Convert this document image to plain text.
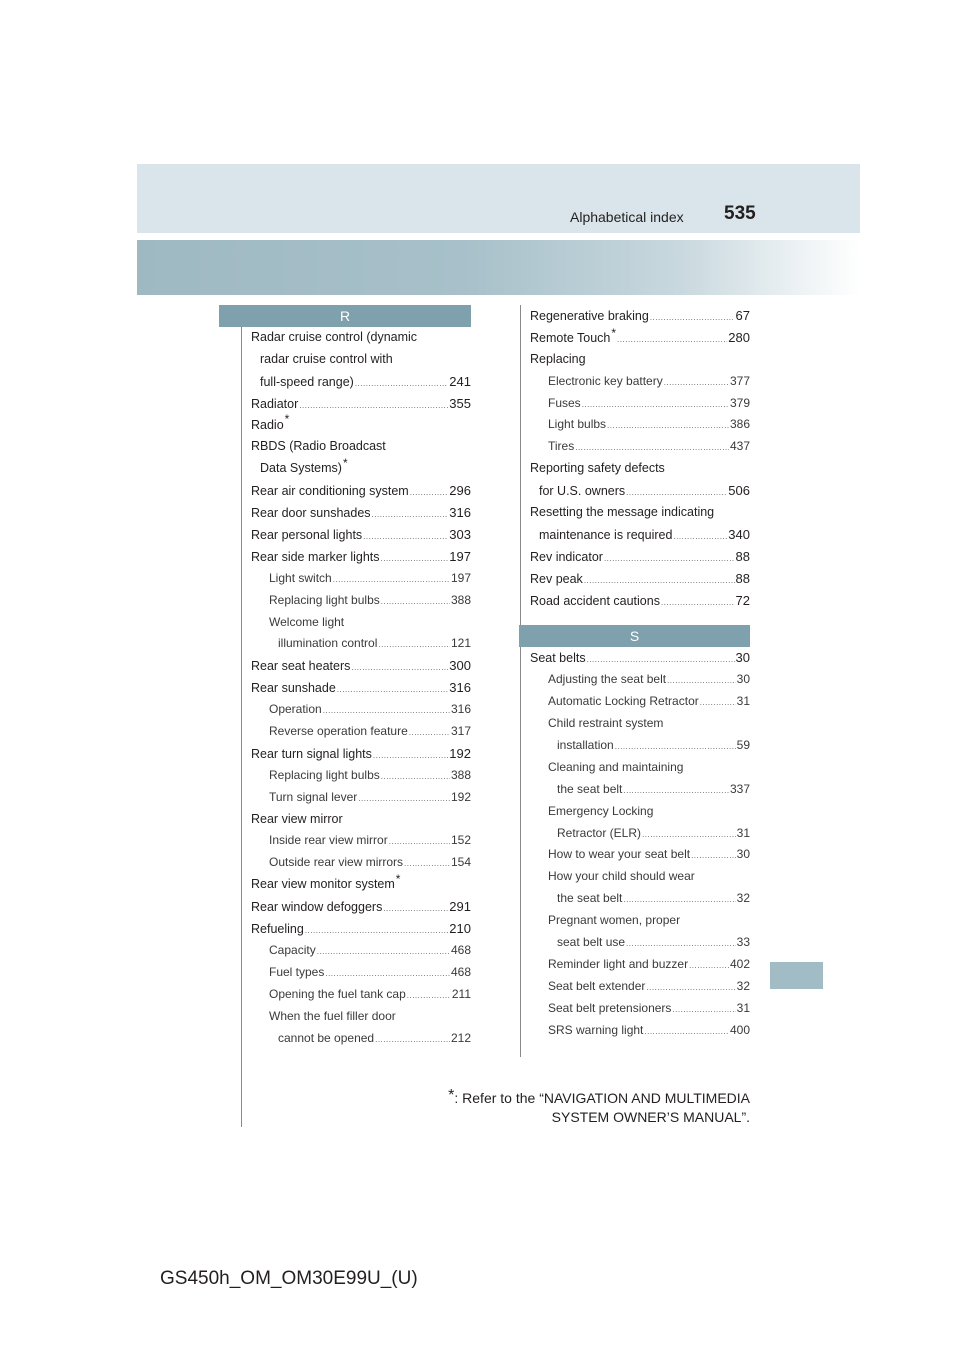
Alphabetical index 535
R
Radar cruise control (dynamic
radar cruise control with
full-speed range) .....	241
Radiator .....	355
Radio*
RBDS (Radio Broadcast
Data Systems)*
Rear air conditioning system .....	296
Rear door sunshades .....	316
Rear personal lights .....	303
Rear side marker lights .....	197
Light switch .....	197
Replacing light bulbs .....	388
Welcome light
illumination control .....	121
Rear seat heaters .....	300
Rear sunshade .....	316
Operation .....	316
Reverse operation feature .....	317
Rear turn signal lights .....	192
Replacing light bulbs .....	388
Turn signal lever .....	192
Rear view mirror
Inside rear view mirror .....	152
Outside rear view mirrors .....	154
Rear view monitor system*
Rear window defoggers .....	291
Refueling .....	210
Capacity .....	468
Fuel types .....	468
Opening the fuel tank cap .....	211
When the fuel filler door
cannot be opened .....	212
Regenerative braking .....	67
Remote Touch* .....	280
Replacing
Electronic key battery .....	377
Fuses .....	379
Light bulbs .....	386
Tires .....	437
Reporting safety defects
for U.S. owners .....	506
Resetting the message indicating
maintenance is required .....	340
Rev indicator .....	88
Rev peak .....	88
Road accident cautions .....	72
S
Seat belts .....	30
Adjusting the seat belt .....	30
Automatic Locking Retractor .....	31
Child restraint system
installation .....	59
Cleaning and maintaining
the seat belt .....	337
Emergency Locking
Retractor (ELR) .....	31
How to wear your seat belt .....	30
How your child should wear
the seat belt .....	32
Pregnant women, proper
seat belt use .....	33
Reminder light and buzzer .....	402
Seat belt extender .....	32
Seat belt pretensioners .....	31
SRS warning light .....	400
*: Refer to the “NAVIGATION AND MULTIMEDIA
SYSTEM OWNER’S MANUAL”.
GS450h_OM_OM30E99U_(U)
